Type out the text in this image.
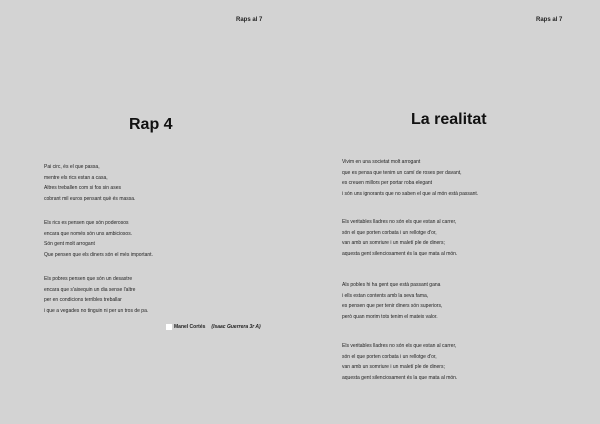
Raps al 7
Rap 4
Pai circ, és el que passa,
mentre els rics estan a casa,
Altres treballen com si fos sin ases
cobrant mil euros pensant què és massa.
Els rics es pensen que són poderosos
encara que només són uns ambiciosos.
Són gent molt arrogant
Que pensen que els diners són el més important.
Els pobres pensen que són un desastre
encara que s'aixequin un dia sense l'altre
per en condicions terribles treballar
i que a vegades no tinguin ni per un tros de pa.
Manel Cortés (Isaac Guerrera 3r A)
Raps al 7
La realitat
Vivim en una societat molt arrogant
que es pensa que tenim un camí de roses per davant,
es creuen millors per portar roba elegant
i són uns ignorants que no saben el que al món està passant.
Els veritables lladres no són els que estan al carrer,
són el que porten corbata i un rellotge d'or,
van amb un somriure i un maletí ple de diners;
aquesta gent silenciosament és la que mata al món.
Als pobles hi ha gent que està passant gana
i ells estan contents amb la seva fama,
es pensen que per tenir diners són superiors,
però quan morim tots tenim el mateix valor.
Els veritables lladres no són els que estan al carrer,
són el que porten corbata i un rellotge d'or,
van amb un somriure i un maletí ple de diners;
aquesta gent silenciosament és la que mata al món.
